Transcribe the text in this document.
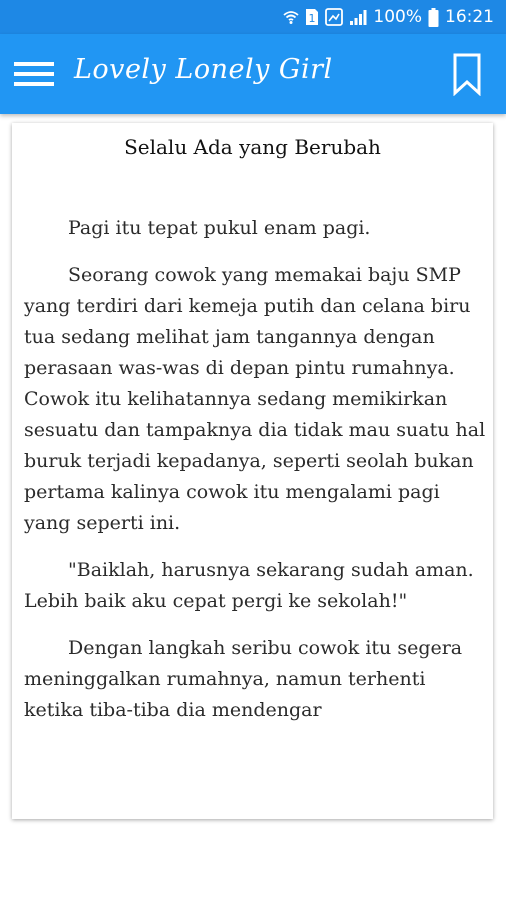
1	100% 16:21
Lovely Lonely Girl
Selalu Ada yang Berubah

Pagi itu tepat pukul enam pagi.

Seorang cowok yang memakai baju SMP yang terdiri dari kemeja putih dan celana biru tua sedang melihat jam tangannya dengan perasaan was-was di depan pintu rumahnya. Cowok itu kelihatannya sedang memikirkan sesuatu dan tampaknya dia tidak mau suatu hal buruk terjadi kepadanya, seperti seolah bukan pertama kalinya cowok itu mengalami pagi yang seperti ini.

"Baiklah, harusnya sekarang sudah aman. Lebih baik aku cepat pergi ke sekolah!"

Dengan langkah seribu cowok itu segera meninggalkan rumahnya, namun terhenti ketika tiba-tiba dia mendengar
